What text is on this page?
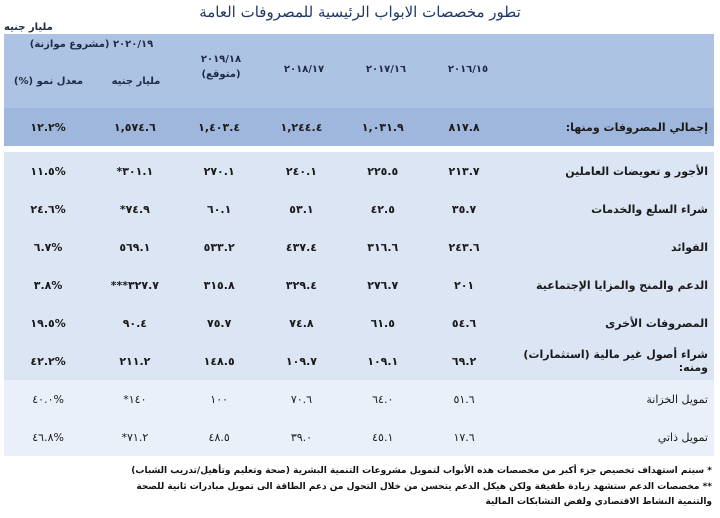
تطور مخصصات الابواب الرئيسية للمصروفات العامة
مليار جنيه
٢٠١٦/١٥
٢٠١٧/١٦
٢٠١٨/١٧
٢٠١٩/١٨
(متوقع)
٢٠٢٠/١٩ (مشروع موازنة)
مليار جنيه
معدل نمو (%)
إجمالي المصروفات ومنها:
٨١٧.٨
١,٠٣١.٩
١,٢٤٤.٤
١,٤٠٣.٤
١,٥٧٤.٦
%١٢.٢
الأجور و تعويضات العاملين
٢١٣.٧
٢٢٥.٥
٢٤٠.١
٢٧٠.١
٣٠١.١*
%١١.٥
شراء السلع والخدمات
٣٥.٧
٤٢.٥
٥٣.١
٦٠.١
٧٤.٩*
%٢٤.٦
الفوائد
٢٤٣.٦
٣١٦.٦
٤٣٧.٤
٥٣٣.٢
٥٦٩.١
%٦.٧
الدعم والمنح والمزايا الإجتماعية
٢٠١
٢٧٦.٧
٣٢٩.٤
٣١٥.٨
٣٢٧.٧***
%٣.٨
المصروفات الأخرى
٥٤.٦
٦١.٥
٧٤.٨
٧٥.٧
٩٠.٤
%١٩.٥
شراء أصول غير مالية (استثمارات) ومنه:
٦٩.٢
١٠٩.١
١٠٩.٧
١٤٨.٥
٢١١.٢
%٤٢.٢
تمويل الخزانة
٥١.٦
٦٤.٠
٧٠.٦
١٠٠
١٤٠*
%٤٠.٠
تمويل ذاتي
١٧.٦
٤٥.١
٣٩.٠
٤٨.٥
٧١.٢*
%٤٦.٨
* سيتم استهداف تخصيص جزء أكبر من مخصصات هذه الأبواب لتمويل مشروعات التنمية البشرية (صحة وتعليم وتأهيل/تدريب الشباب)
** مخصصات الدعم ستشهد زيادة طفيفة ولكن هيكل الدعم يتحسن من خلال التحول من دعم الطاقة الى تمويل مبادرات ثانية للصحة
والتنمية النشاط الاقتصادي ولفض التشابكات المالية
